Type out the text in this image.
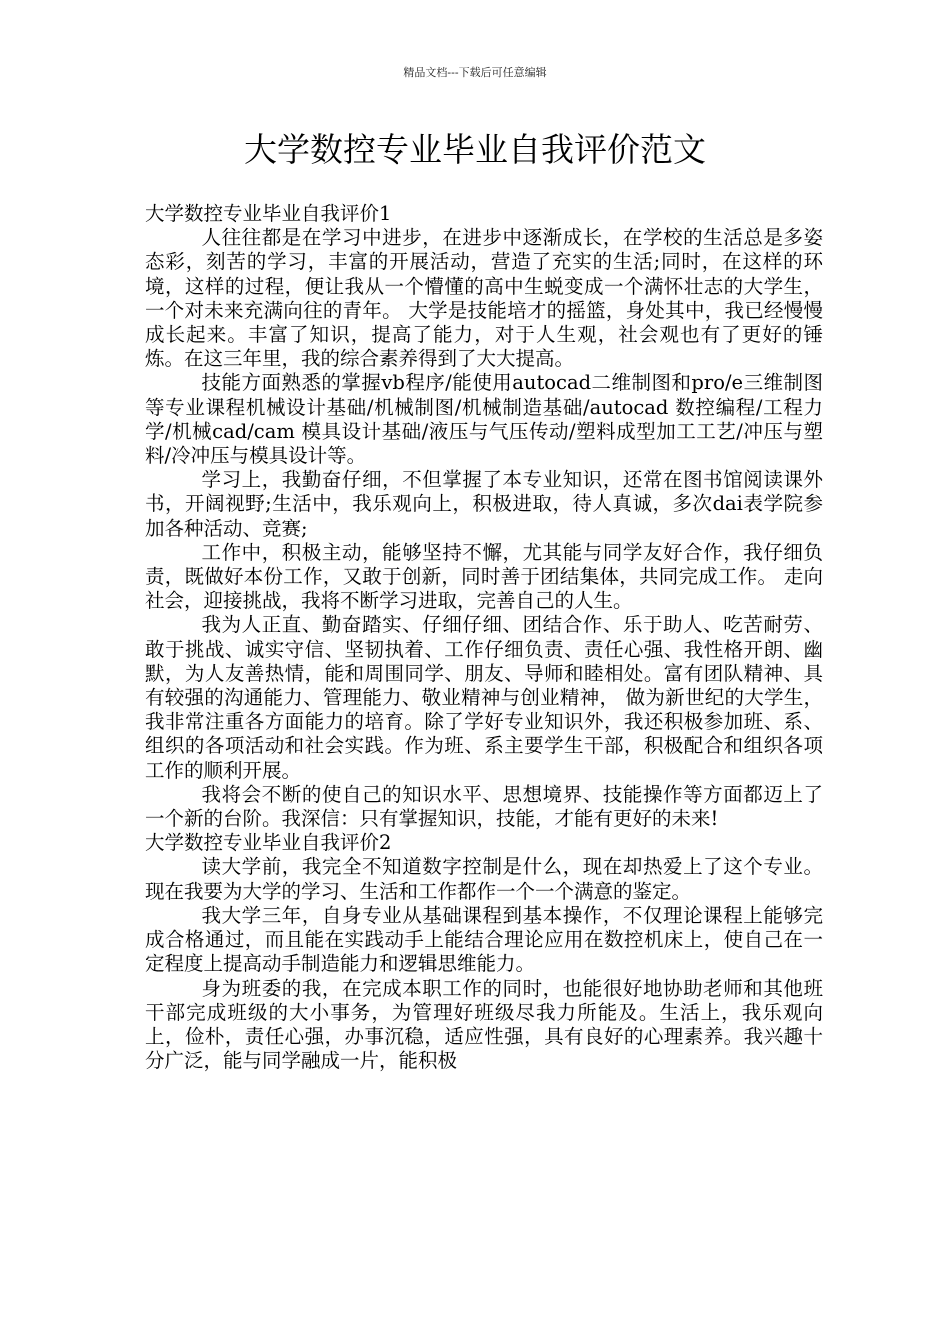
精品文档---下载后可任意编辑
大学数控专业毕业自我评价范文

大学数控专业毕业自我评价1

人往往都是在学习中进步，在进步中逐渐成长，在学校的生活总是多姿态彩，刻苦的学习，丰富的开展活动，营造了充实的生活;同时，在这样的环境，这样的过程，便让我从一个懵懂的高中生蜕变成一个满怀壮志的大学生，一个对未来充满向往的青年。 大学是技能培才的摇篮，身处其中，我已经慢慢成长起来。丰富了知识，提高了能力，对于人生观，社会观也有了更好的锤炼。在这三年里，我的综合素养得到了大大提高。

技能方面熟悉的掌握vb程序/能使用autocad二维制图和pro/e三维制图等专业课程机械设计基础/机械制图/机械制造基础/autocad 数控编程/工程力学/机械cad/cam 模具设计基础/液压与气压传动/塑料成型加工工艺/冲压与塑料/冷冲压与模具设计等。

学习上，我勤奋仔细，不但掌握了本专业知识，还常在图书馆阅读课外书，开阔视野;生活中，我乐观向上，积极进取，待人真诚，多次dai表学院参加各种活动、竞赛;

工作中，积极主动，能够坚持不懈，尤其能与同学友好合作，我仔细负责，既做好本份工作，又敢于创新，同时善于团结集体，共同完成工作。 走向社会，迎接挑战，我将不断学习进取，完善自己的人生。

我为人正直、勤奋踏实、仔细仔细、团结合作、乐于助人、吃苦耐劳、敢于挑战、诚实守信、坚韧执着、工作仔细负责、责任心强、我性格开朗、幽默，为人友善热情，能和周围同学、朋友、导师和睦相处。富有团队精神、具有较强的沟通能力、管理能力、敬业精神与创业精神， 做为新世纪的大学生，我非常注重各方面能力的培育。除了学好专业知识外，我还积极参加班、系、组织的各项活动和社会实践。作为班、系主要学生干部，积极配合和组织各项工作的顺利开展。

我将会不断的使自己的知识水平、思想境界、技能操作等方面都迈上了一个新的台阶。我深信：只有掌握知识，技能，才能有更好的未来!

大学数控专业毕业自我评价2

读大学前，我完全不知道数字控制是什么，现在却热爱上了这个专业。现在我要为大学的学习、生活和工作都作一个一个满意的鉴定。

我大学三年，自身专业从基础课程到基本操作，不仅理论课程上能够完成合格通过，而且能在实践动手上能结合理论应用在数控机床上，使自己在一定程度上提高动手制造能力和逻辑思维能力。

身为班委的我，在完成本职工作的同时，也能很好地协助老师和其他班干部完成班级的大小事务，为管理好班级尽我力所能及。生活上，我乐观向上，俭朴，责任心强，办事沉稳，适应性强，具有良好的心理素养。我兴趣十分广泛，能与同学融成一片，能积极
